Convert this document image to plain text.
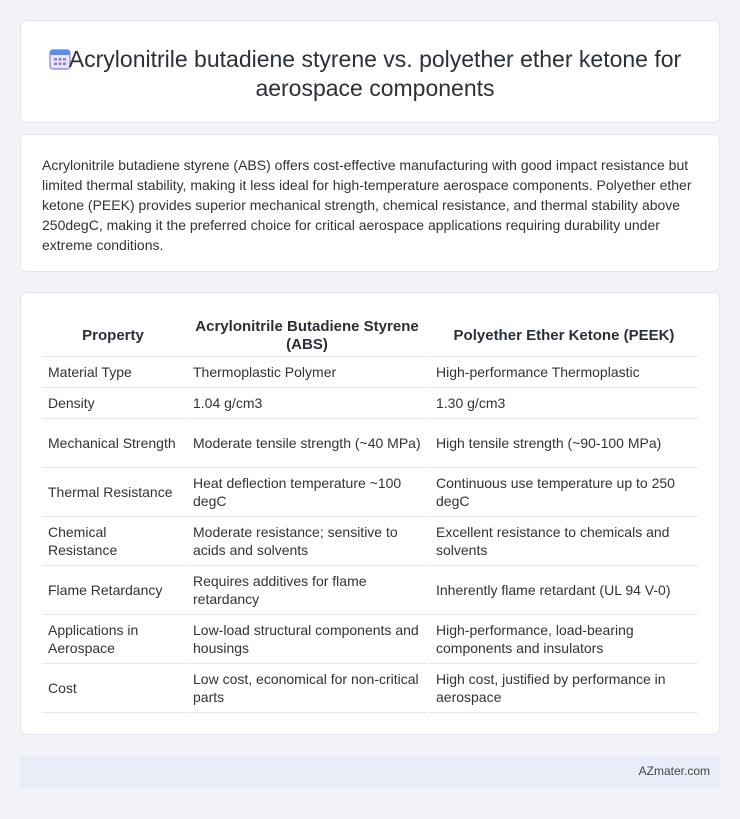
Acrylonitrile butadiene styrene vs. polyether ether ketone for aerospace components

Acrylonitrile butadiene styrene (ABS) offers cost-effective manufacturing with good impact resistance but limited thermal stability, making it less ideal for high-temperature aerospace components. Polyether ether ketone (PEEK) provides superior mechanical strength, chemical resistance, and thermal stability above 250degC, making it the preferred choice for critical aerospace applications requiring durability under extreme conditions.

Property	Acrylonitrile Butadiene Styrene (ABS)	Polyether Ether Ketone (PEEK)
Material Type	Thermoplastic Polymer	High-performance Thermoplastic
Density	1.04 g/cm3	1.30 g/cm3
Mechanical Strength	Moderate tensile strength (~40 MPa)	High tensile strength (~90-100 MPa)
Thermal Resistance	Heat deflection temperature ~100 degC	Continuous use temperature up to 250 degC
Chemical Resistance	Moderate resistance; sensitive to acids and solvents	Excellent resistance to chemicals and solvents
Flame Retardancy	Requires additives for flame retardancy	Inherently flame retardant (UL 94 V-0)
Applications in Aerospace	Low-load structural components and housings	High-performance, load-bearing components and insulators
Cost	Low cost, economical for non-critical parts	High cost, justified by performance in aerospace
AZmater.com
